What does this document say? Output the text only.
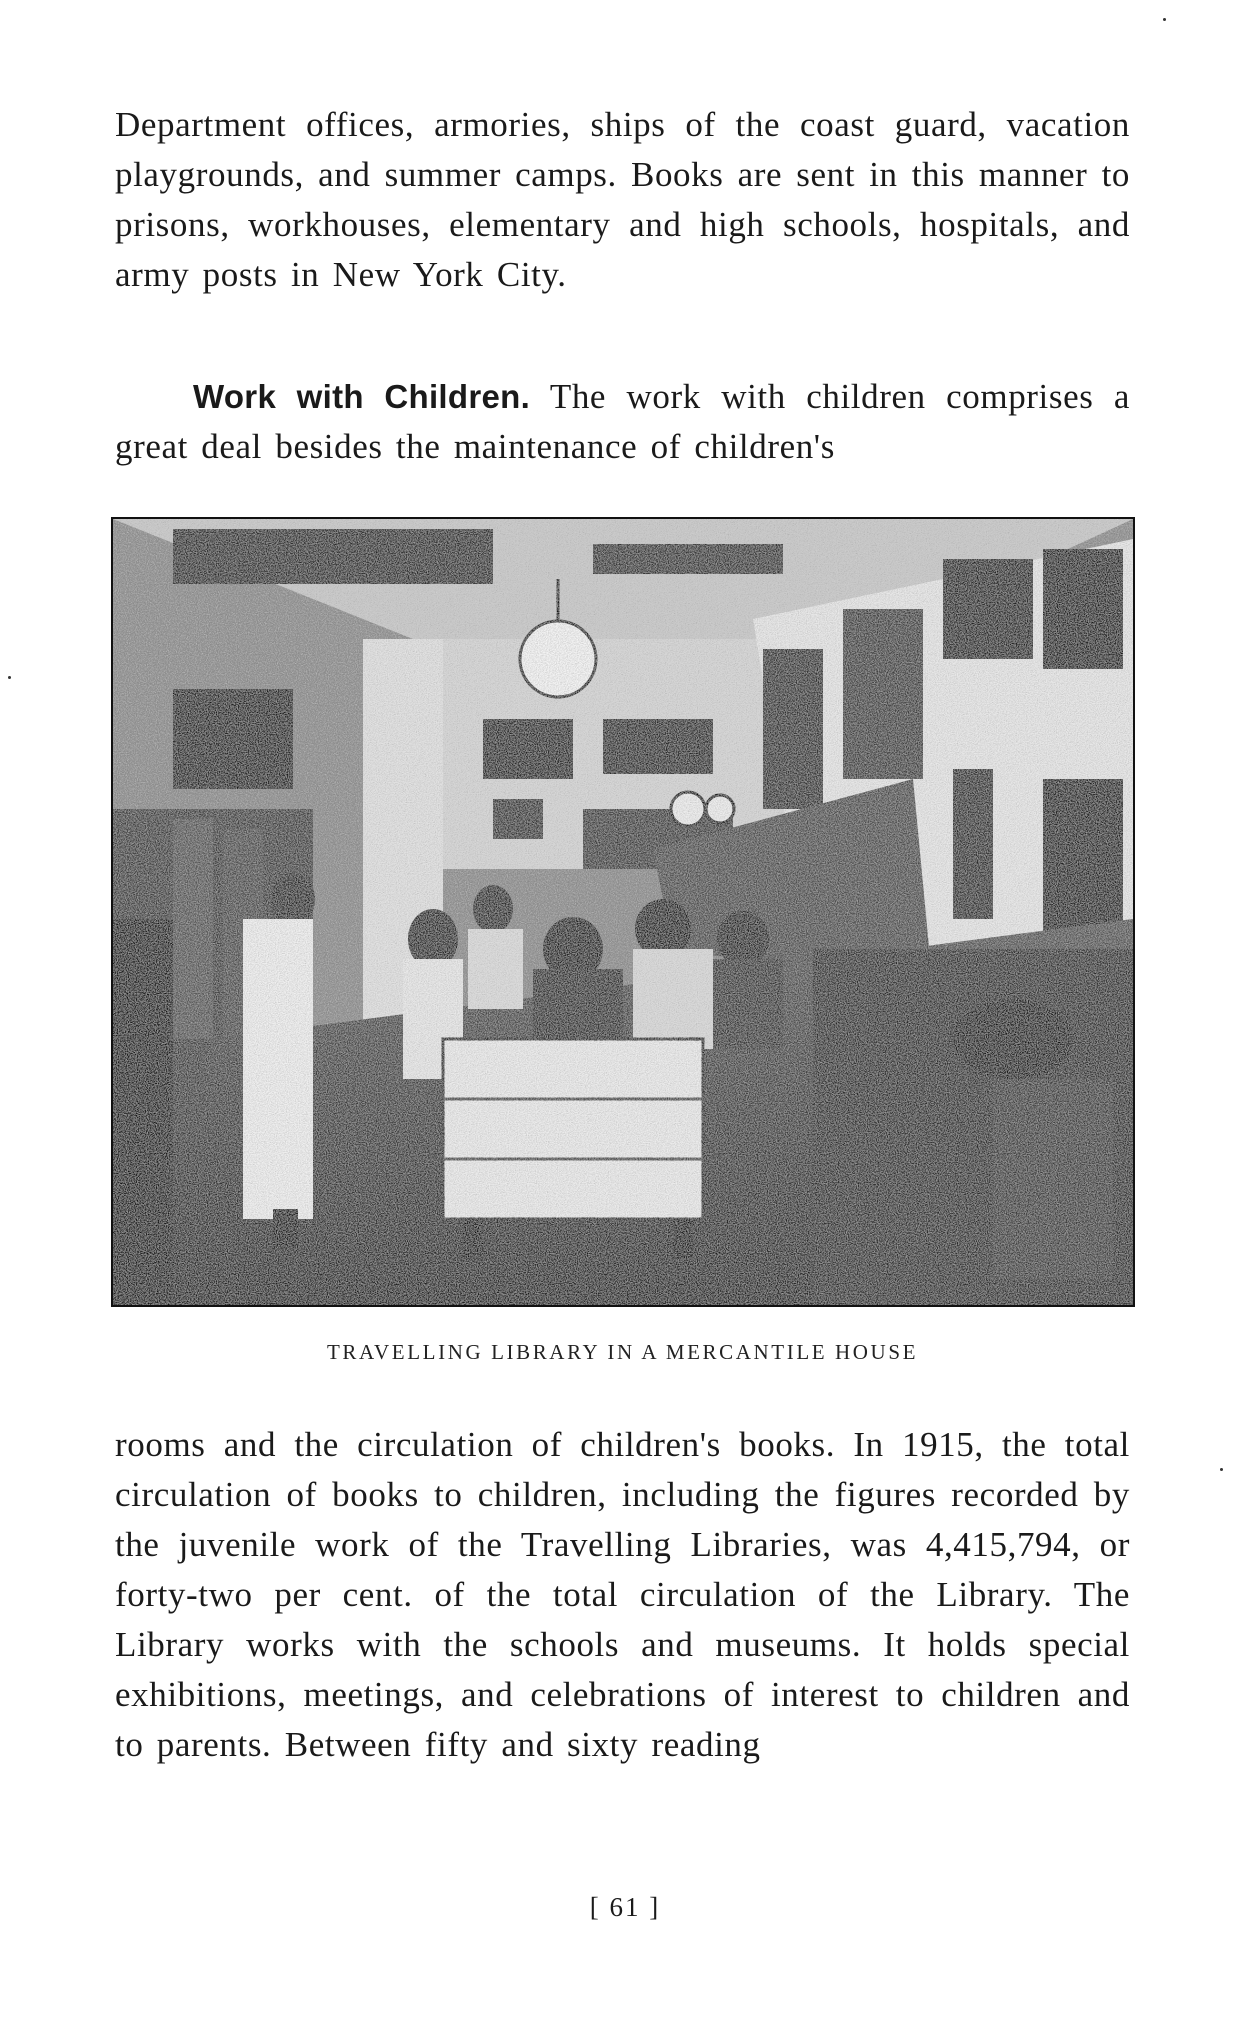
Department offices, armories, ships of the coast guard, vacation playgrounds, and summer camps. Books are sent in this manner to prisons, workhouses, elementary and high schools, hospitals, and army posts in New York City.

Work with Children. The work with children comprises a great deal besides the maintenance of children's

TRAVELLING LIBRARY IN A MERCANTILE HOUSE

rooms and the circulation of children's books. In 1915, the total circulation of books to children, including the figures recorded by the juvenile work of the Travelling Libraries, was 4,415,794, or forty-two per cent. of the total circulation of the Library. The Library works with the schools and museums. It holds special exhibitions, meetings, and celebrations of interest to children and to parents. Between fifty and sixty reading

[ 61 ]
